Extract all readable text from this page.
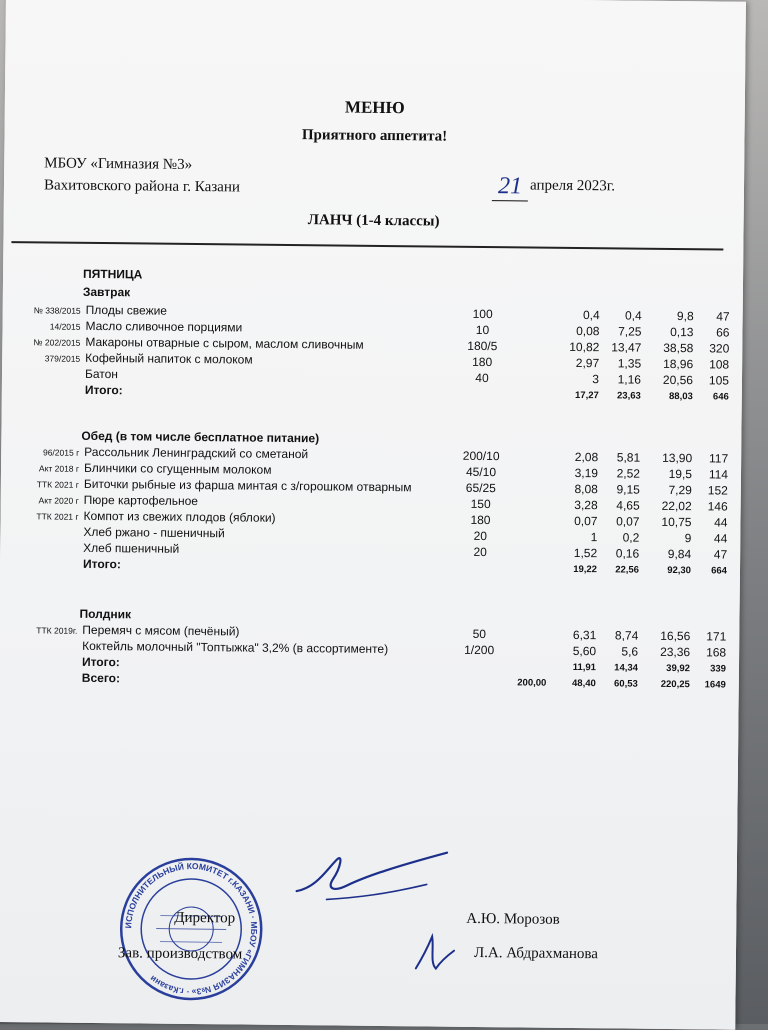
МЕНЮ
Приятного аппетита!
МБОУ «Гимназия №3»
Вахитовского района г. Казани	21 апреля 2023г.
ЛАНЧ (1-4 классы)
ПЯТНИЦА
Завтрак
№ 338/2015 Плоды свежие	100	0,4	0,4	9,8	47
14/2015 Масло сливочное порциями	10	0,08	7,25	0,13	66
№ 202/2015 Макароны отварные с сыром, маслом сливочным	180/5	10,82 13,47	38,58	320
379/2015 Кофейный напиток с молоком	180	2,97	1,35	18,96	108
Батон	40	3	1,16	20,56	105
Итого:	17,27	23,63	88,03	646
Обед (в том числе бесплатное питание)
96/2015 г Рассольник Ленинградский со сметаной	200/10	2,08	5,81	13,90	117
Акт 2018 г Блинчики со сгущенным молоком	45/10	3,19	2,52	19,5	114
ТТК 2021 г Биточки рыбные из фарша минтая с з/горошком отварным	65/25	8,08	9,15	7,29	152
Акт 2020 г Пюре картофельное	150	3,28	4,65	22,02	146
ТТК 2021 г Компот из свежих плодов (яблоки)	180	0,07	0,07	10,75	44
Хлеб ржано - пшеничный	20	1	0,2	9	44
Хлеб пшеничный	20	1,52	0,16	9,84	47
Итого:	19,22	22,56	92,30	664
Полдник
ТТК 2019г. Перемяч с мясом (печёный)	50	6,31	8,74	16,56	171
Коктейль молочный "Топтыжка" 3,2% (в ассортименте)	1/200	5,60	5,6	23,36	168
Итого:	11,91	14,34	39,92	339
Всего:	200,00	48,40	60,53	220,25	1649
ИСПОЛНИТЕЛЬНЫЙ КОМИТЕТ г.КАЗАНИ · МБОУ «ГИМНАЗИЯ №3» · г.Казани
Директор	А.Ю. Морозов
Зав. производством	Л.А. Абдрахманова
